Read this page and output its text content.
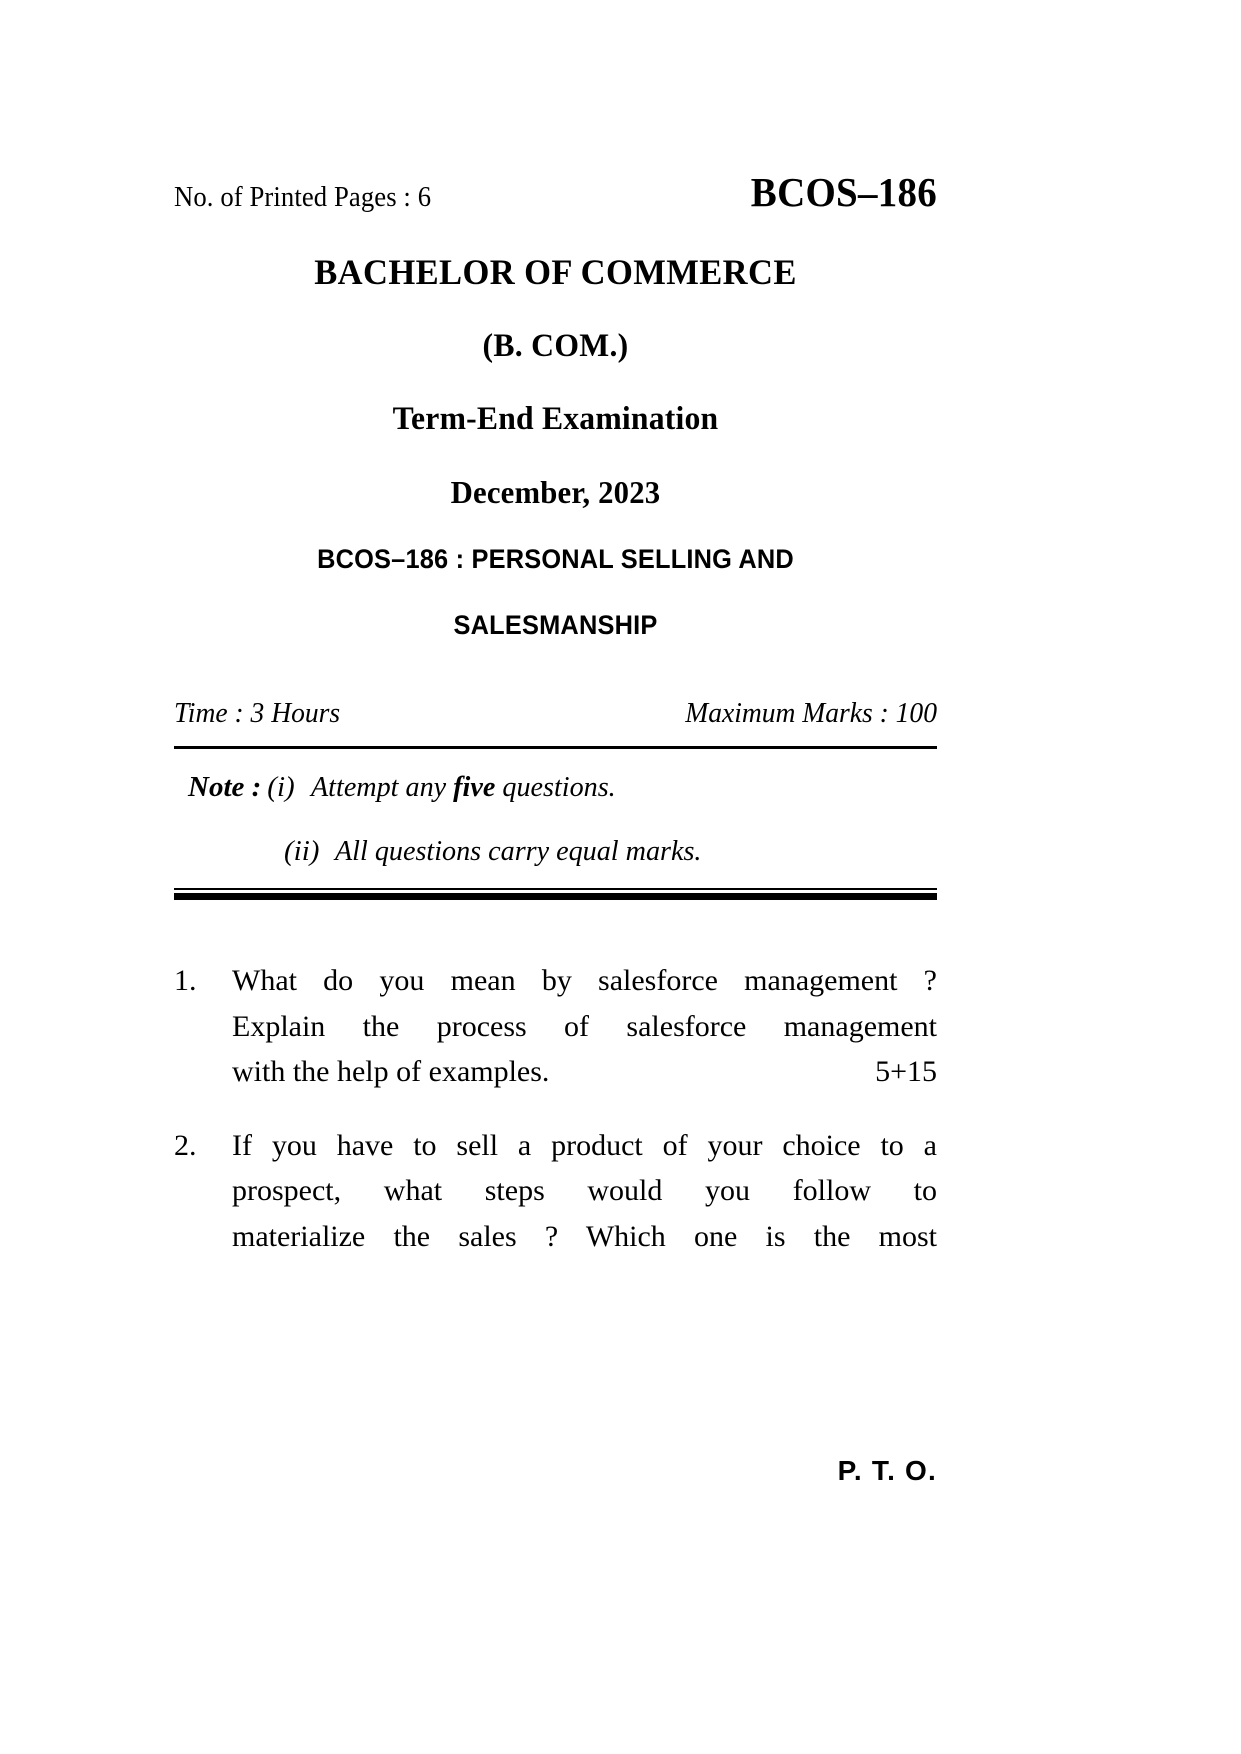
No. of Printed Pages : 6	BCOS–186
BACHELOR OF COMMERCE
(B. COM.)
Term-End Examination
December, 2023
BCOS–186 : PERSONAL SELLING AND
SALESMANSHIP
Time : 3 Hours	Maximum Marks : 100
Note : (i) Attempt any five questions.
(ii) All questions carry equal marks.
1.	What do you mean by salesforce management ?
Explain the process of salesforce management
with the help of examples.	5+15
2.	If you have to sell a product of your choice to a
prospect, what steps would you follow to
materialize the sales ? Which one is the most
P. T. O.
